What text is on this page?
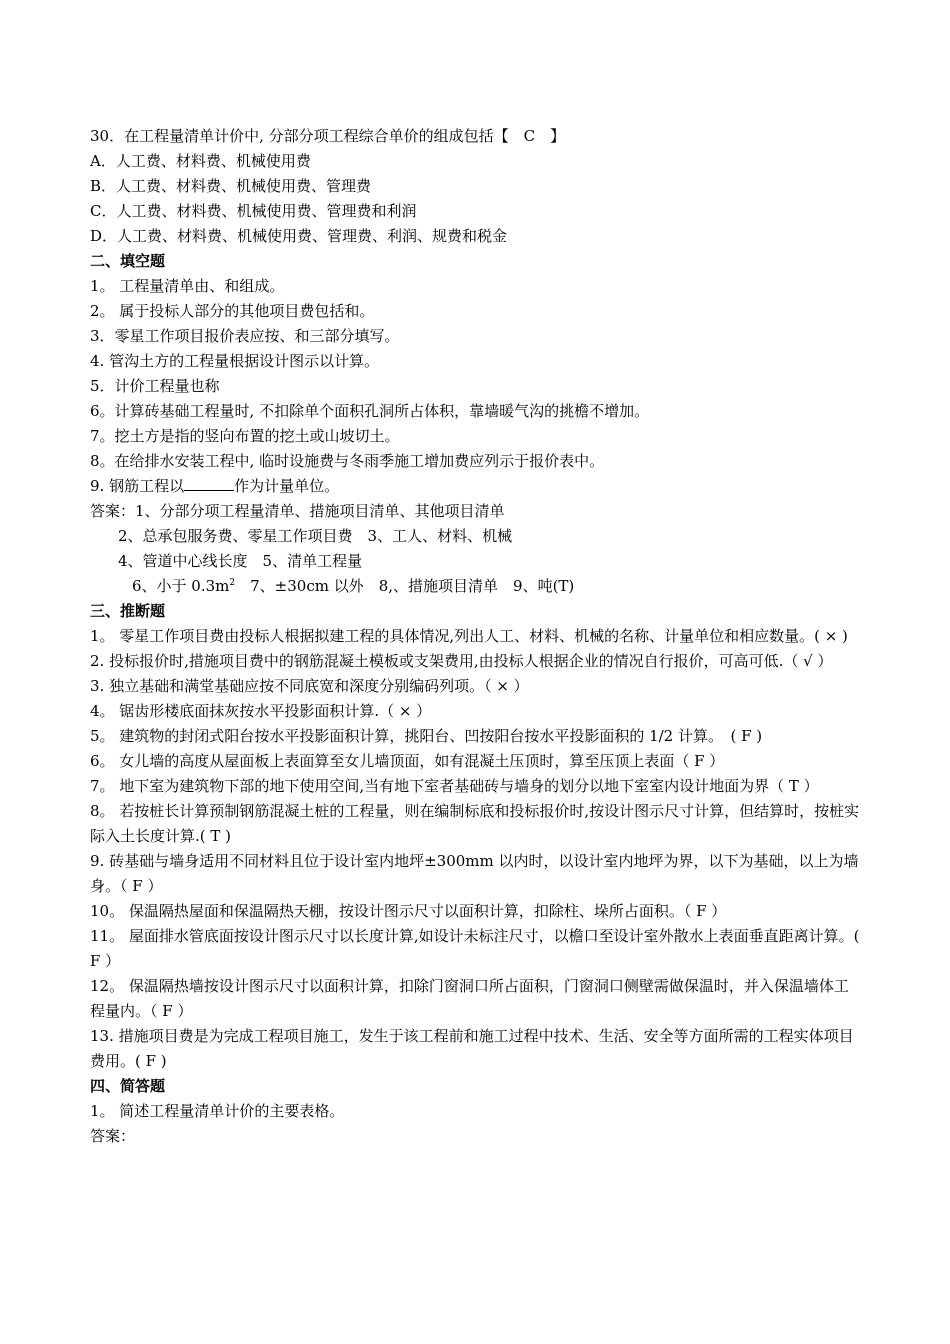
30．在工程量清单计价中, 分部分项工程综合单价的组成包括【　C　】

A．人工费、材料费、机械使用费

B．人工费、材料费、机械使用费、管理费

C．人工费、材料费、机械使用费、管理费和利润

D．人工费、材料费、机械使用费、管理费、利润、规费和税金

二、填空题

1。 工程量清单由、和组成。

2。 属于投标人部分的其他项目费包括和。

3．零星工作项目报价表应按、和三部分填写。

4. 管沟土方的工程量根据设计图示以计算。

5．计价工程量也称

6。计算砖基础工程量时, 不扣除单个面积孔洞所占体积，靠墙暖气沟的挑檐不增加。

7。挖土方是指的竖向布置的挖土或山坡切土。

8。在给排水安装工程中, 临时设施费与冬雨季施工增加费应列示于报价表中。

9. 钢筋工程以	作为计量单位。

答案：1、分部分项工程量清单、措施项目清单、其他项目清单

2、总承包服务费、零星工作项目费　3、工人、材料、机械

4、管道中心线长度　5、清单工程量

6、小于 $0.3m^2$　7、±30cm 以外　8,、措施项目清单　9、吨(T)

三、推断题

1。 零星工作项目费由投标人根据拟建工程的具体情况,列出人工、材料、机械的名称、计量单位和相应数量。( × )

2. 投标报价时,措施项目费中的钢筋混凝土模板或支架费用,由投标人根据企业的情况自行报价，可高可低.（ √ ）

3. 独立基础和满堂基础应按不同底宽和深度分别编码列项。（ × ）

4。 锯齿形楼底面抹灰按水平投影面积计算.（ × ）

5。 建筑物的封闭式阳台按水平投影面积计算，挑阳台、凹按阳台按水平投影面积的 1/2 计算。　( F )

6。 女儿墙的高度从屋面板上表面算至女儿墙顶面，如有混凝土压顶时，算至压顶上表面（ F ）

7。 地下室为建筑物下部的地下使用空间,当有地下室者基础砖与墙身的划分以地下室室内设计地面为界（ T ）

8。 若按桩长计算预制钢筋混凝土桩的工程量，则在编制标底和投标报价时,按设计图示尺寸计算，但结算时，按桩实际入土长度计算.( T )

9. 砖基础与墙身适用不同材料且位于设计室内地坪±300mm 以内时，以设计室内地坪为界，以下为基础，以上为墙身。（ F ）

10。 保温隔热屋面和保温隔热天棚，按设计图示尺寸以面积计算，扣除柱、垛所占面积。（ F ）

11。 屋面排水管底面按设计图示尺寸以长度计算,如设计未标注尺寸，以檐口至设计室外散水上表面垂直距离计算。( F ）

12。 保温隔热墙按设计图示尺寸以面积计算，扣除门窗洞口所占面积，门窗洞口侧壁需做保温时，并入保温墙体工程量内。（ F ）

13. 措施项目费是为完成工程项目施工，发生于该工程前和施工过程中技术、生活、安全等方面所需的工程实体项目费用。( F )

四、简答题

1。 简述工程量清单计价的主要表格。

答案：
